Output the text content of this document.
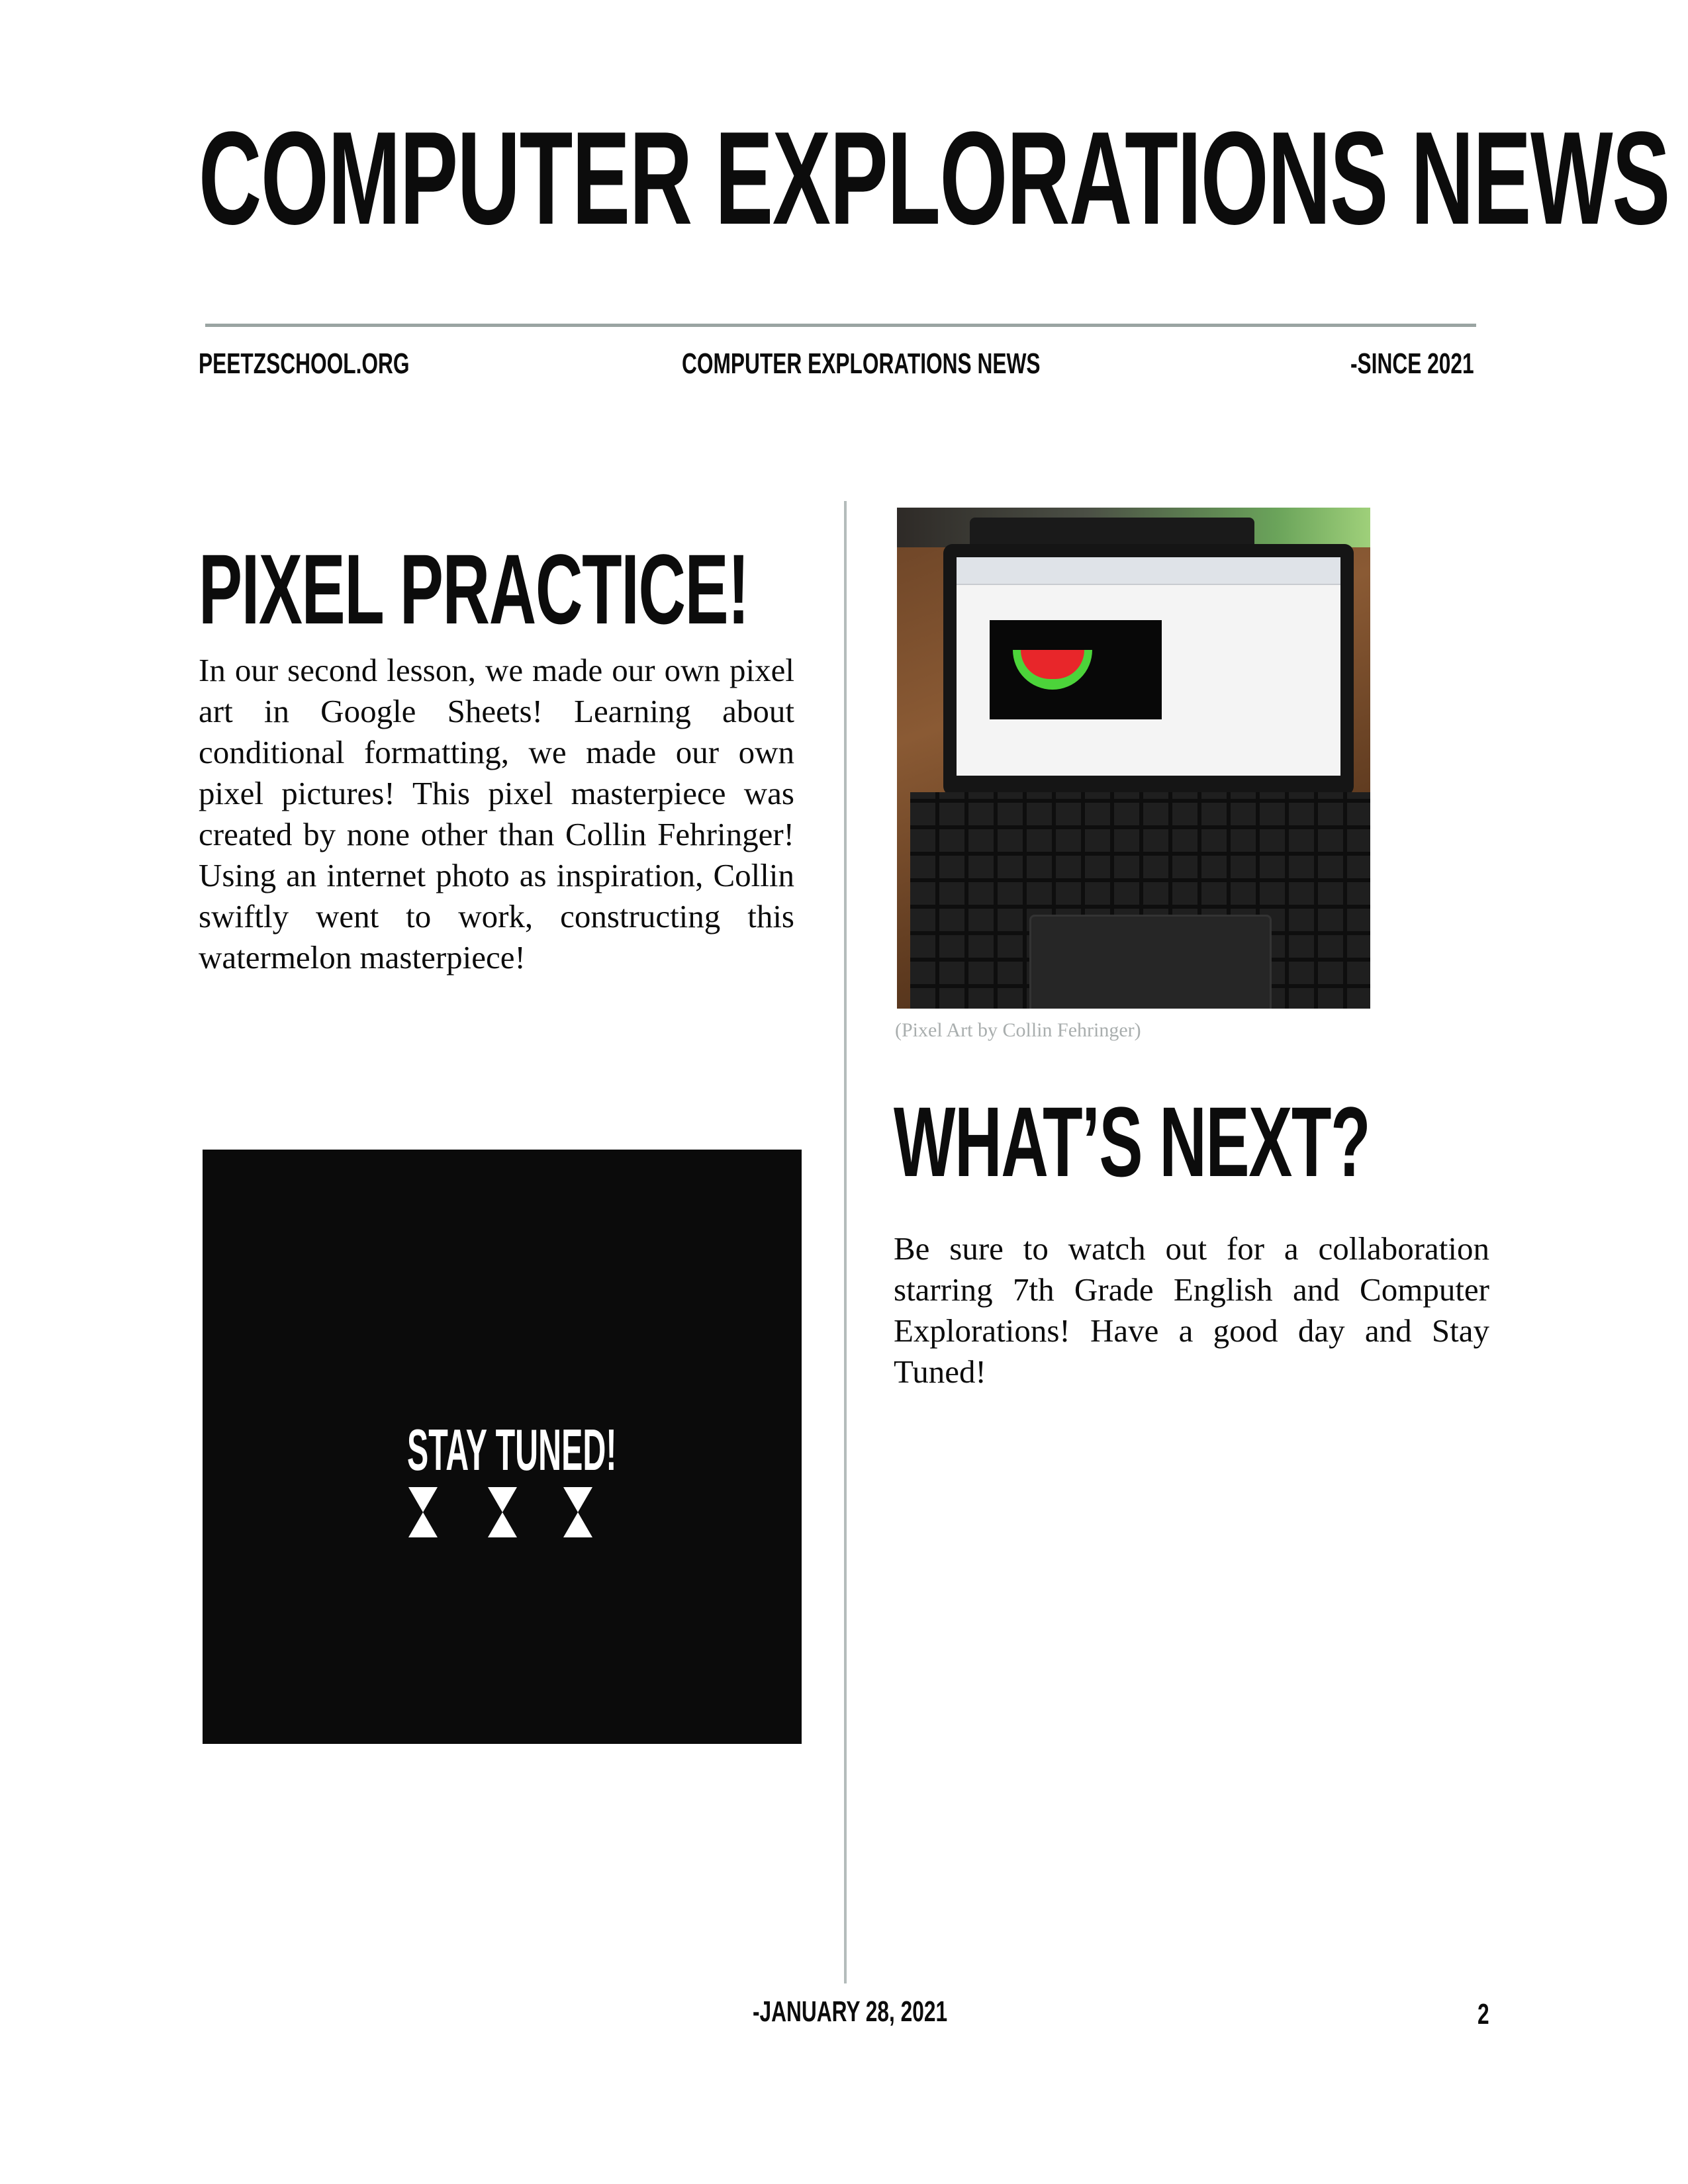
COMPUTER EXPLORATIONS NEWS
PEETZSCHOOL.ORG	COMPUTER EXPLORATIONS NEWS	-SINCE 2021
PIXEL PRACTICE!
In our second lesson, we made our own pixel art in Google Sheets! Learning about conditional formatting, we made our own pixel pictures! This pixel masterpiece was created by none other than Collin Fehringer! Using an internet photo as inspiration, Collin swiftly went to work, constructing this watermelon masterpiece!
(Pixel Art by Collin Fehringer)
WHAT’S NEXT?
Be sure to watch out for a collaboration starring 7th Grade English and Computer Explorations! Have a good day and Stay Tuned!
STAY TUNED!
-JANUARY 28, 2021	2
